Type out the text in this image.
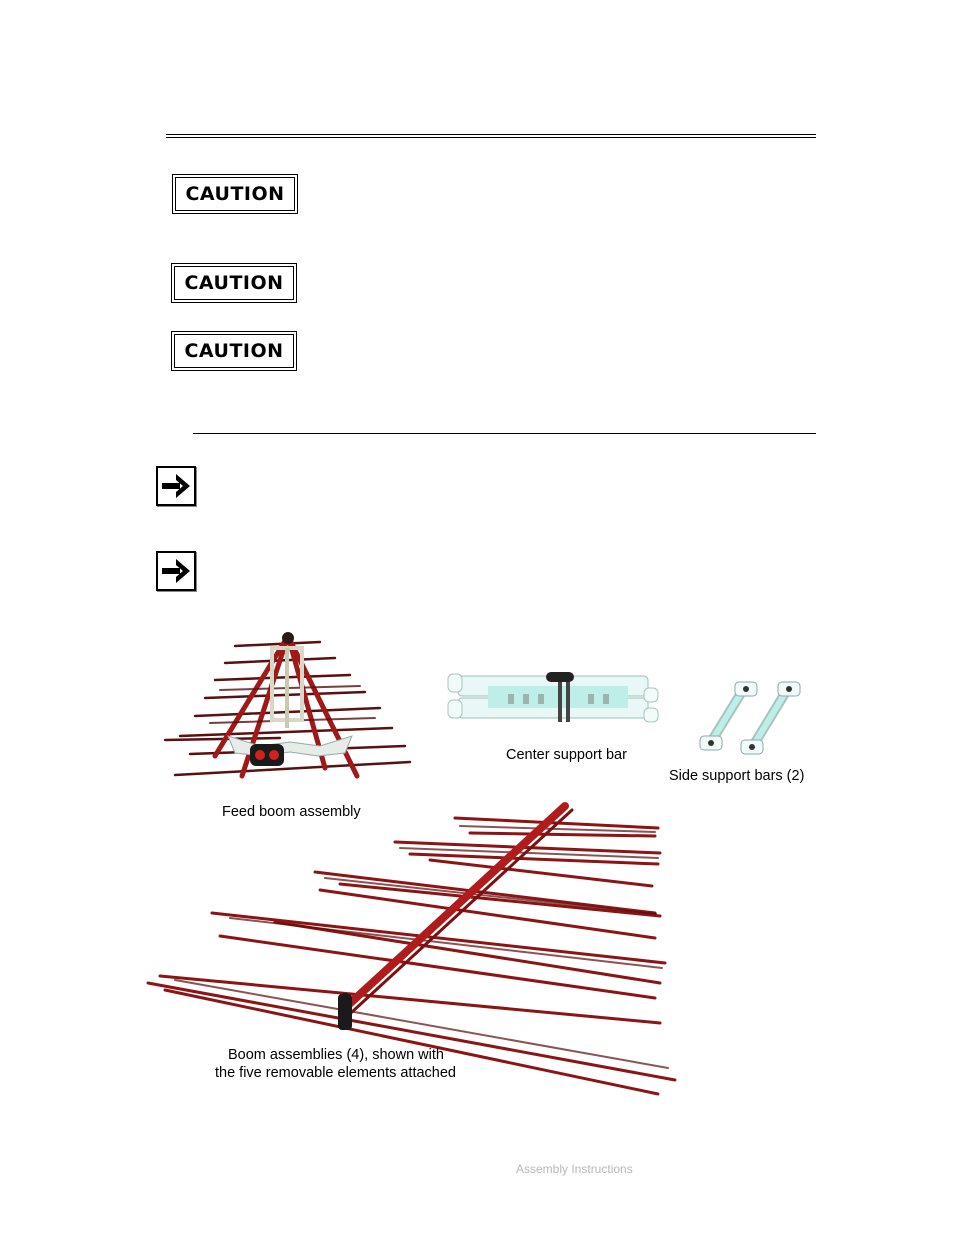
CAUTION
CAUTION
CAUTION
Feed boom assembly
Center support bar
Side support bars (2)
Boom assemblies (4), shown with
the five removable elements attached
Assembly Instructions
